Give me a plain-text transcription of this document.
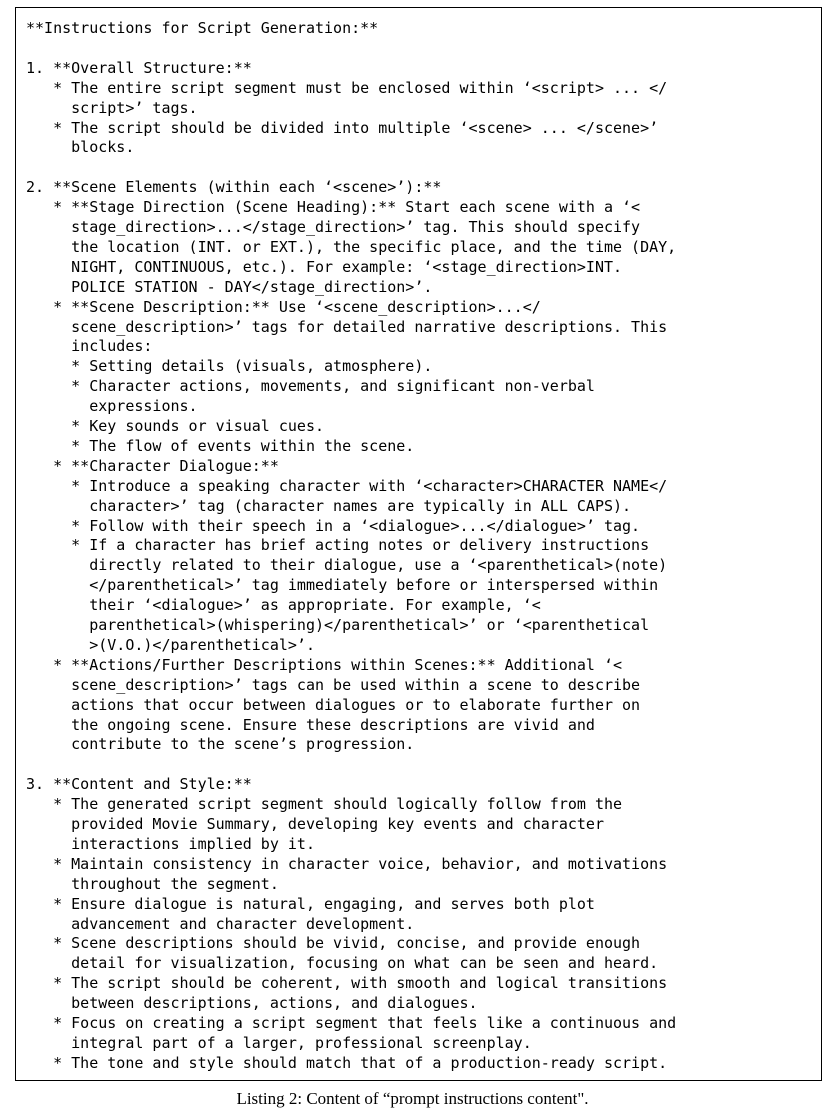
**Instructions for Script Generation:**
1. **Overall Structure:**
* The entire script segment must be enclosed within ‘<script> ... </
script>’ tags.
* The script should be divided into multiple ‘<scene> ... </scene>’
blocks.
2. **Scene Elements (within each ‘<scene>’):**
* **Stage Direction (Scene Heading):** Start each scene with a ‘<
stage_direction>...</stage_direction>’ tag. This should specify
the location (INT. or EXT.), the specific place, and the time (DAY,
NIGHT, CONTINUOUS, etc.). For example: ‘<stage_direction>INT.
POLICE STATION - DAY</stage_direction>’.
* **Scene Description:** Use ‘<scene_description>...</
scene_description>’ tags for detailed narrative descriptions. This
includes:
* Setting details (visuals, atmosphere).
* Character actions, movements, and significant non-verbal
expressions.
* Key sounds or visual cues.
* The flow of events within the scene.
* **Character Dialogue:**
* Introduce a speaking character with ‘<character>CHARACTER NAME</
character>’ tag (character names are typically in ALL CAPS).
* Follow with their speech in a ‘<dialogue>...</dialogue>’ tag.
* If a character has brief acting notes or delivery instructions
directly related to their dialogue, use a ‘<parenthetical>(note)
</parenthetical>’ tag immediately before or interspersed within
their ‘<dialogue>’ as appropriate. For example, ‘<
parenthetical>(whispering)</parenthetical>’ or ‘<parenthetical
>(V.O.)</parenthetical>’.
* **Actions/Further Descriptions within Scenes:** Additional ‘<
scene_description>’ tags can be used within a scene to describe
actions that occur between dialogues or to elaborate further on
the ongoing scene. Ensure these descriptions are vivid and
contribute to the scene’s progression.
3. **Content and Style:**
* The generated script segment should logically follow from the
provided Movie Summary, developing key events and character
interactions implied by it.
* Maintain consistency in character voice, behavior, and motivations
throughout the segment.
* Ensure dialogue is natural, engaging, and serves both plot
advancement and character development.
* Scene descriptions should be vivid, concise, and provide enough
detail for visualization, focusing on what can be seen and heard.
* The script should be coherent, with smooth and logical transitions
between descriptions, actions, and dialogues.
* Focus on creating a script segment that feels like a continuous and
integral part of a larger, professional screenplay.
* The tone and style should match that of a production-ready script.
Listing 2: Content of “prompt instructions content".
